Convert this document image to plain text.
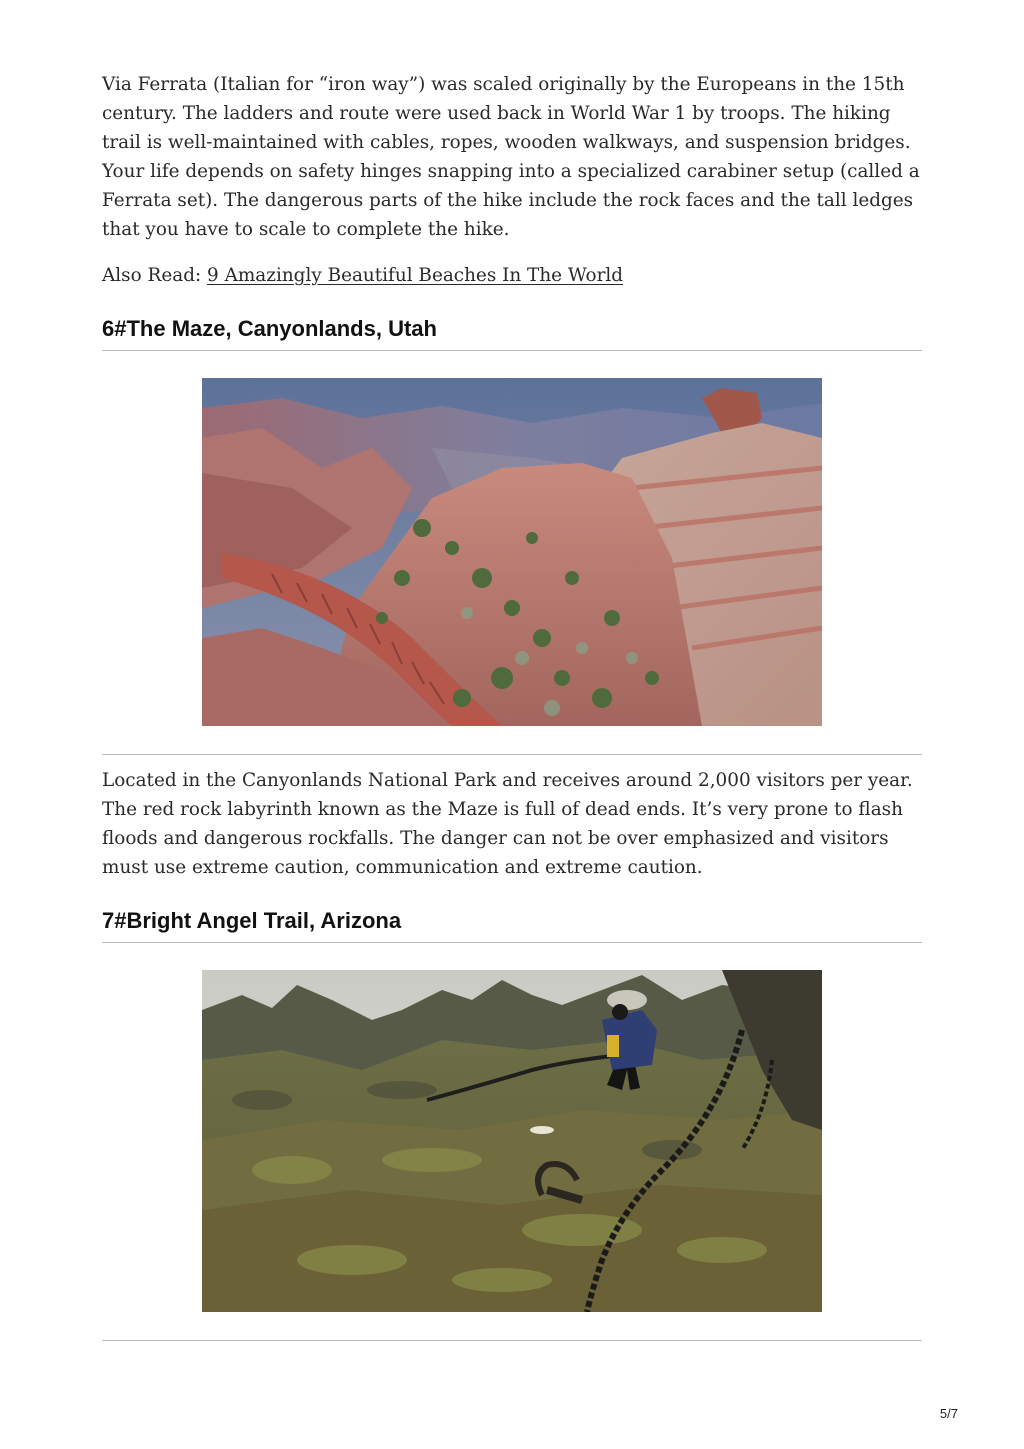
Via Ferrata (Italian for “iron way”) was scaled originally by the Europeans in the 15th century. The ladders and route were used back in World War 1 by troops. The hiking trail is well-maintained with cables, ropes, wooden walkways, and suspension bridges. Your life depends on safety hinges snapping into a specialized carabiner setup (called a Ferrata set). The dangerous parts of the hike include the rock faces and the tall ledges that you have to scale to complete the hike.

Also Read: 9 Amazingly Beautiful Beaches In The World

6#The Maze, Canyonlands, Utah

Located in the Canyonlands National Park and receives around 2,000 visitors per year. The red rock labyrinth known as the Maze is full of dead ends. It’s very prone to flash floods and dangerous rockfalls. The danger can not be over emphasized and visitors must use extreme caution, communication and extreme caution.

7#Bright Angel Trail, Arizona
5/7
